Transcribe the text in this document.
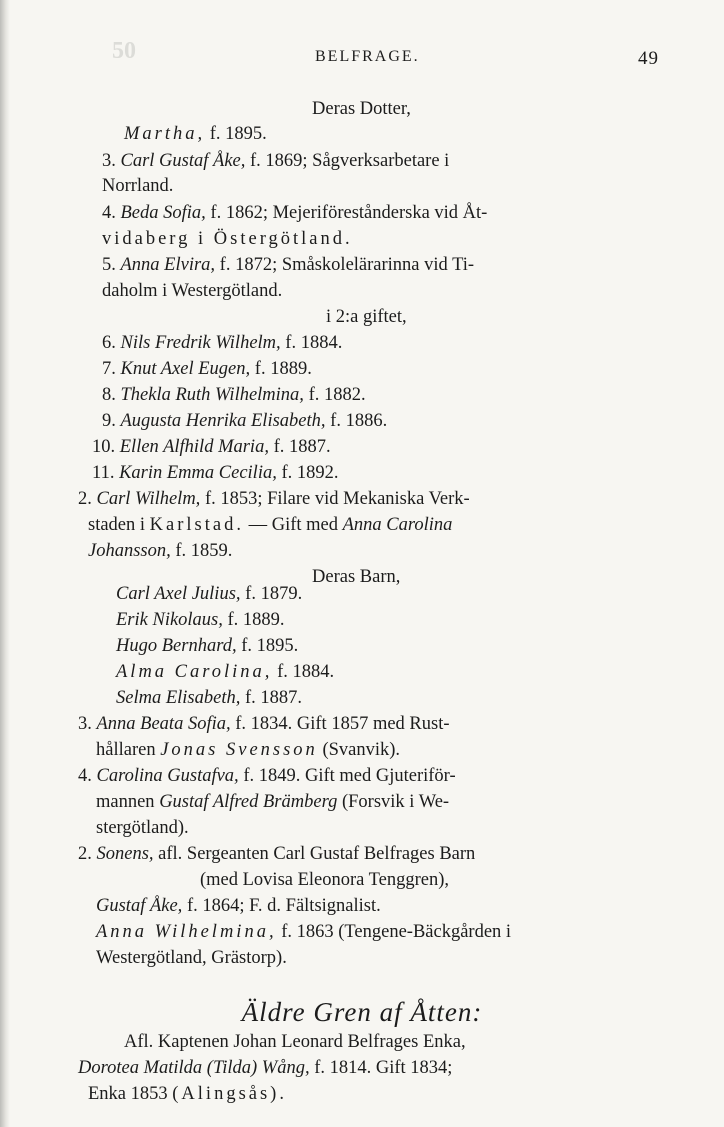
50	BELFRAGE.	49
Deras Dotter,
Martha, f. 1895.
3. Carl Gustaf Åke, f. 1869; Sågverksarbetare i
Norrland.
4. Beda Sofia, f. 1862; Mejeriföreståndersk​a vid Åt-
vidaberg i Östergötland.
5. Anna Elvira, f. 1872; Småskolelärarinna vid Ti-
daholm i Westergötland.
i 2:a giftet,
6. Nils Fredrik Wilhelm, f. 1884.
7. Knut Axel Eugen, f. 1889.
8. Thekla Ruth Wilhelmina, f. 1882.
9. Augusta Henrika Elisabeth, f. 1886.
10. Ellen Alfhild Maria, f. 1887.
11. Karin Emma Cecilia, f. 1892.
2. Carl Wilhelm, f. 1853; Filare vid Mekaniska Verk-
staden i Karlstad. — Gift med Anna Carolina
Johansson, f. 1859.
Deras Barn,
Carl Axel Julius, f. 1879.
Äldre Gren af Åtten:
Erik Nikolaus, f. 1889.
Hugo Bernhard, f. 1895.
Alma Carolina, f. 1884.
Selma Elisabeth, f. 1887.
3. Anna Beata Sofia, f. 1834. Gift 1857 med Rust-
hållaren Jonas Svensson (Svanvik).
4. Carolina Gustafva, f. 1849. Gift med Gjuteriför-
mannen Gustaf Alfred Brämberg (Forsvik i We-
stergötland).
2. Sonens, afl. Sergeanten Carl Gustaf Belfrages Barn
(med Lovisa Eleonora Tenggren),
Gustaf Åke, f. 1864; F. d. Fältsignalist.
Anna Wilhelmina, f. 1863 (Tengene-Bäckgården i
Westergötland, Grästorp).
Afl. Kaptenen Johan Leonard Belfrages Enka,
Dorotea Matilda (Tilda) Wång, f. 1814. Gift 1834;
Enka 1853 (Alingsås).
